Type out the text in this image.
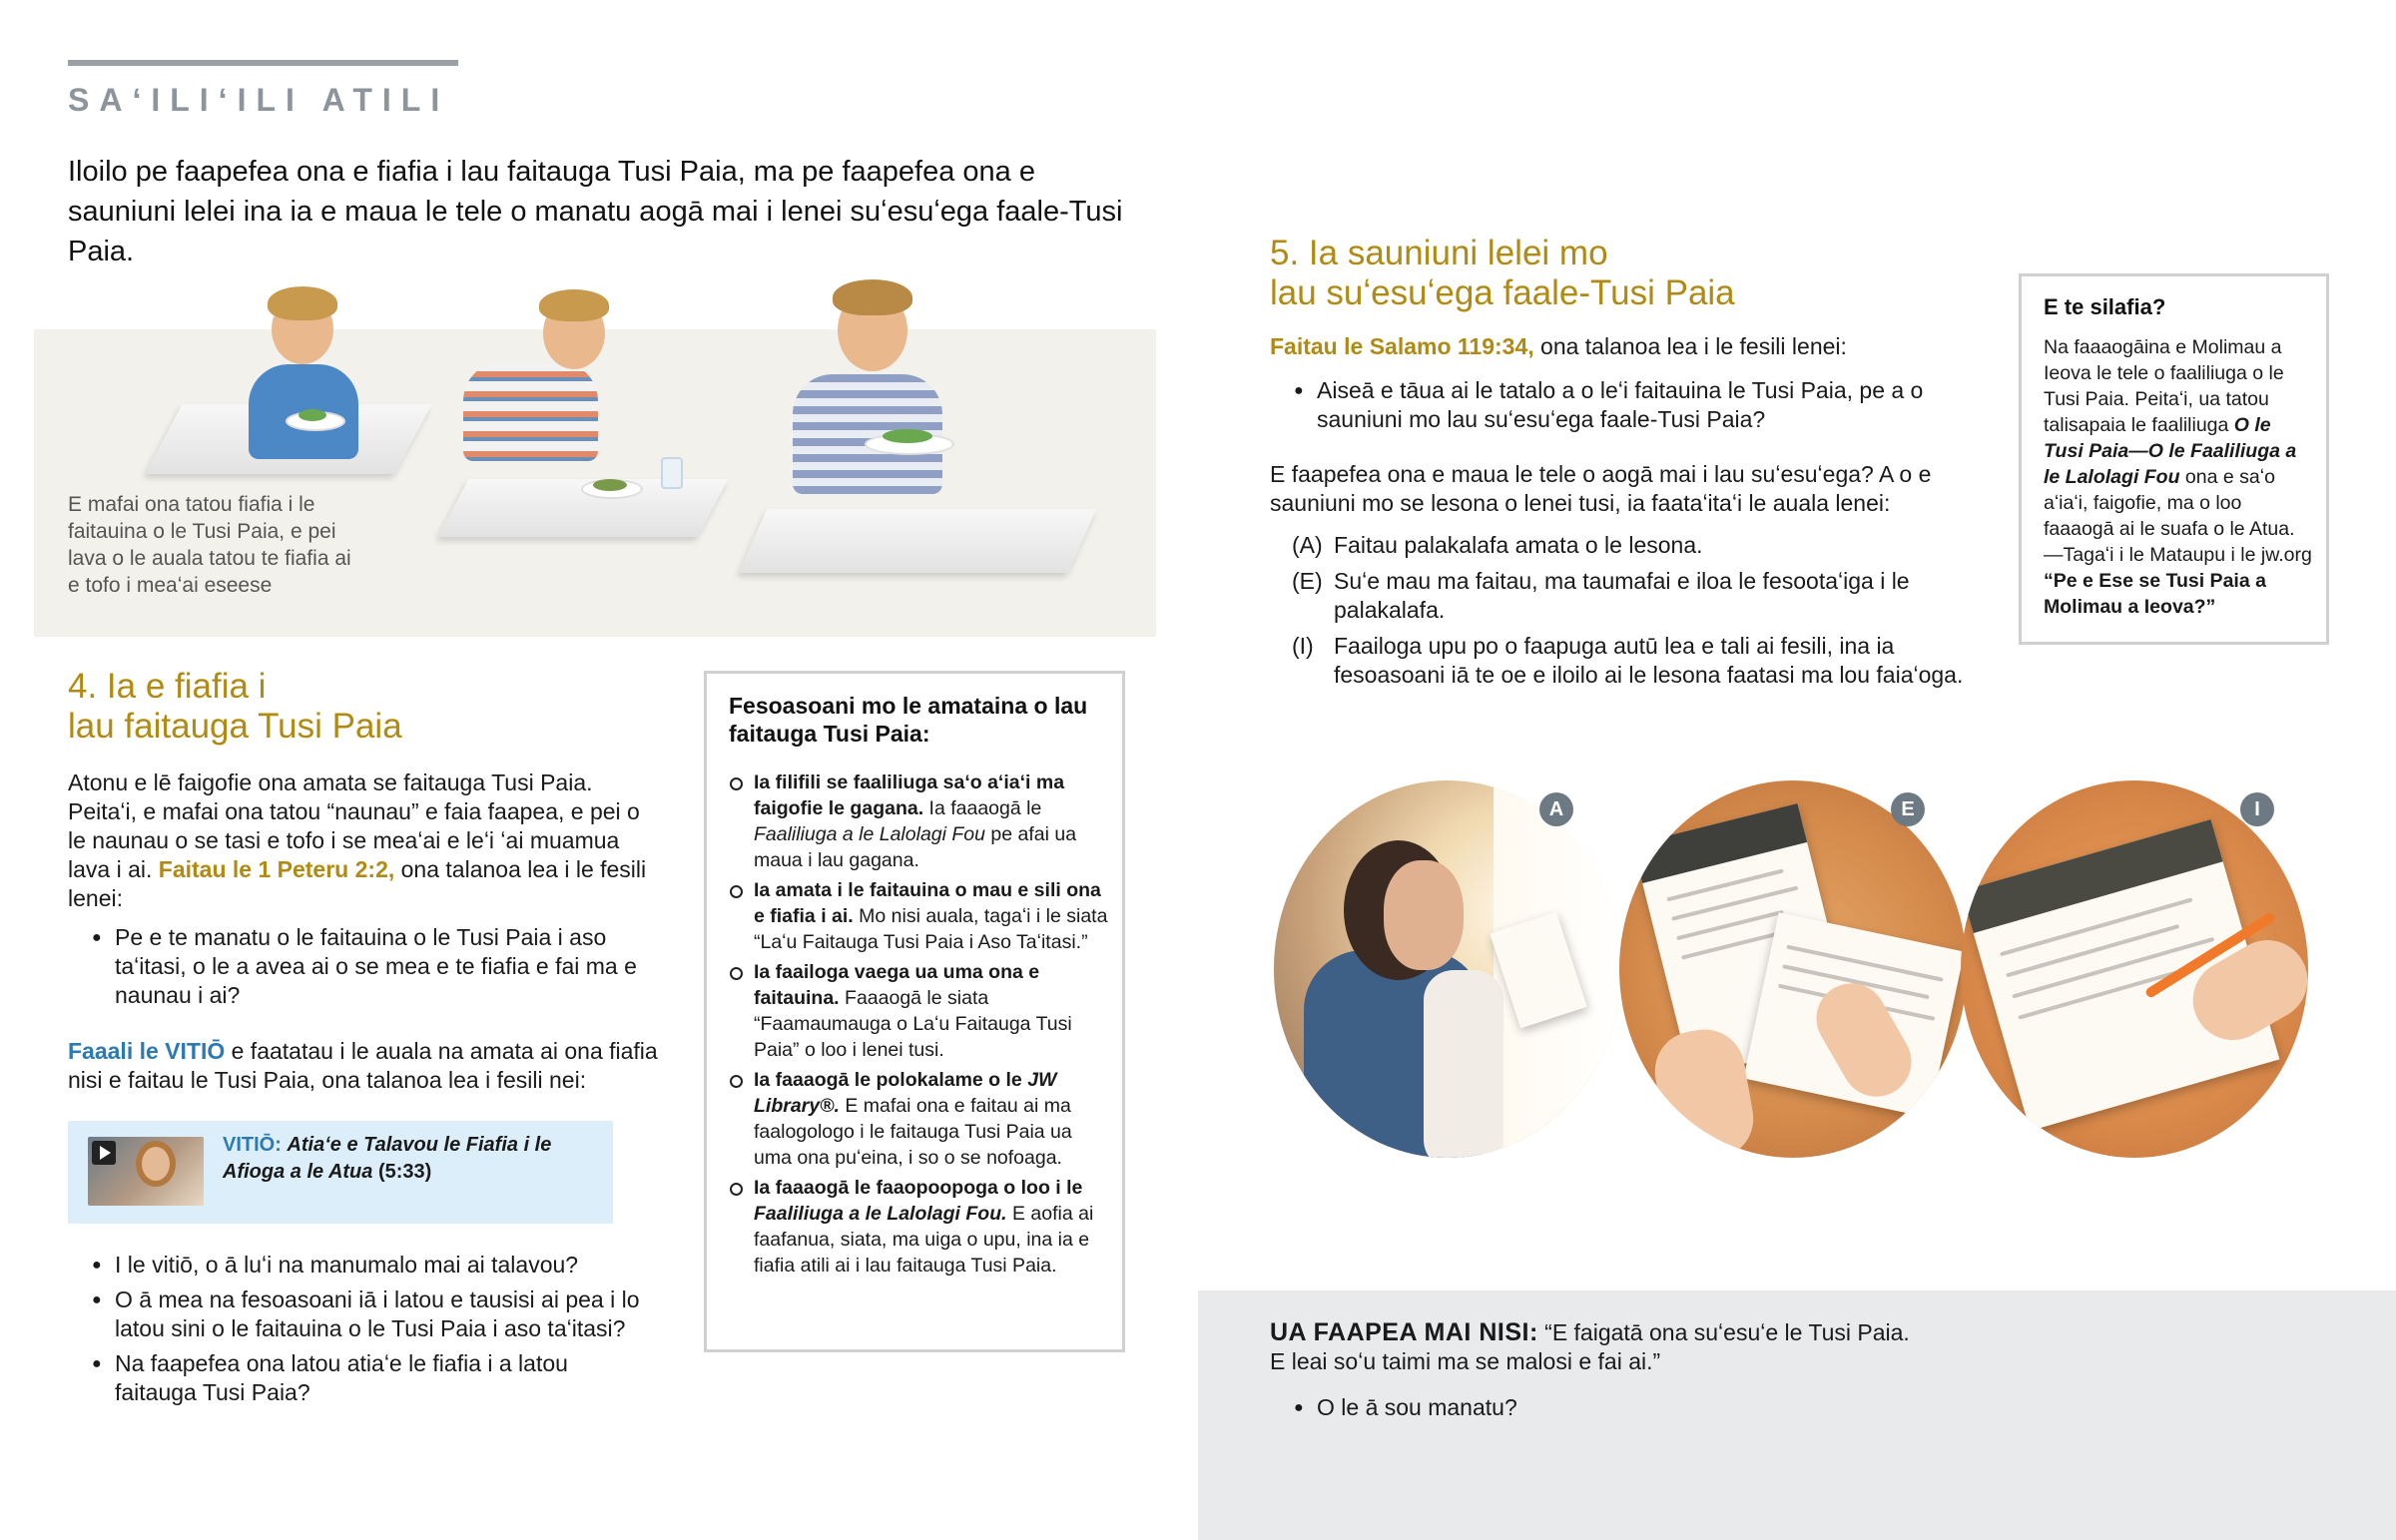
SAʻILIʻILI ATILI

Iloilo pe faapefea ona e fiafia i lau faitauga Tusi Paia, ma pe faapefea ona e sauniuni lelei ina ia e maua le tele o manatu aogā mai i lenei suʻesuʻega faale-Tusi Paia.

E mafai ona tatou fiafia i le faitauina o le Tusi Paia, e pei lava o le auala tatou te fiafia ai e tofo i meaʻai eseese

4. Ia e fiafia i
lau faitauga Tusi Paia

Atonu e lē faigofie ona amata se faitauga Tusi Paia. Peitaʻi, e mafai ona tatou “naunau” e faia faapea, e pei o le naunau o se tasi e tofo i se meaʻai e leʻi ʻai muamua lava i ai. Faitau le 1 Peteru 2:2, ona talanoa lea i le fesili lenei:

● Pe e te manatu o le faitauina o le Tusi Paia i aso taʻitasi, o le a avea ai o se mea e te fiafia e fai ma e naunau i ai?

Faaali le VITIŌ e faatatau i le auala na amata ai ona fiafia nisi e faitau le Tusi Paia, ona talanoa lea i fesili nei:

VITIŌ: Atiaʻe e Talavou le Fiafia i le Afioga a le Atua (5:33)
● I le vitiō, o ā luʻi na manumalo mai ai talavou?
● O ā mea na fesoasoani iā i latou e tausisi ai pea i lo latou sini o le faitauina o le Tusi Paia i aso taʻitasi?
● Na faapefea ona latou atiaʻe le fiafia i a latou faitauga Tusi Paia?
Fesoasoani mo le amataina o lau faitauga Tusi Paia:
Ia filifili se faaliliuga saʻo aʻiaʻi ma faigofie le gagana. Ia faaaogā le Faaliliuga a le Lalolagi Fou pe afai ua maua i lau gagana.
Ia amata i le faitauina o mau e sili ona e fiafia i ai. Mo nisi auala, tagaʻi i le siata “Laʻu Faitauga Tusi Paia i Aso Taʻitasi.”
Ia faailoga vaega ua uma ona e faitauina. Faaaogā le siata “Faamaumauga o Laʻu Faitauga Tusi Paia” o loo i lenei tusi.
Ia faaaogā le polokalame o le JW Library®. E mafai ona e faitau ai ma faalogologo i le faitauga Tusi Paia ua uma ona puʻeina, i so o se nofoaga.
Ia faaaogā le faaopoopoga o loo i le Faaliliuga a le Lalolagi Fou. E aofia ai faafanua, siata, ma uiga o upu, ina ia e fiafia atili ai i lau faitauga Tusi Paia.
5. Ia sauniuni lelei mo
lau suʻesuʻega faale-Tusi Paia

Faitau le Salamo 119:34, ona talanoa lea i le fesili lenei:

● Aiseā e tāua ai le tatalo a o leʻi faitauina le Tusi Paia, pe a o sauniuni mo lau suʻesuʻega faale-Tusi Paia?

E faapefea ona e maua le tele o aogā mai i lau suʻesuʻega? A o e sauniuni mo se lesona o lenei tusi, ia faataʻitaʻi le auala lenei:

(A) Faitau palakalafa amata o le lesona.
(E) Suʻe mau ma faitau, ma taumafai e iloa le fesootaʻiga i le palakalafa.
(I) Faailoga upu po o faapuga autū lea e tali ai fesili, ina ia fesoasoani iā te oe e iloilo ai le lesona faatasi ma lou faiaʻoga.
E te silafia?
Na faaaogāina e Molimau a Ieova le tele o faaliliuga o le Tusi Paia. Peitaʻi, ua tatou talisapaia le faaliliuga O le Tusi Paia—O le Faaliliuga a le Lalolagi Fou ona e saʻo aʻiaʻi, faigofie, ma o loo faaaogā ai le suafa o le Atua. —Tagaʻi i le Mataupu i le jw.org “Pe e Ese se Tusi Paia a Molimau a Ieova?”
A	E	I

UA FAAPEA MAI NISI: “E faigatā ona suʻesuʻe le Tusi Paia.
E leai soʻu taimi ma se malosi e fai ai.”

● O le ā sou manatu?
